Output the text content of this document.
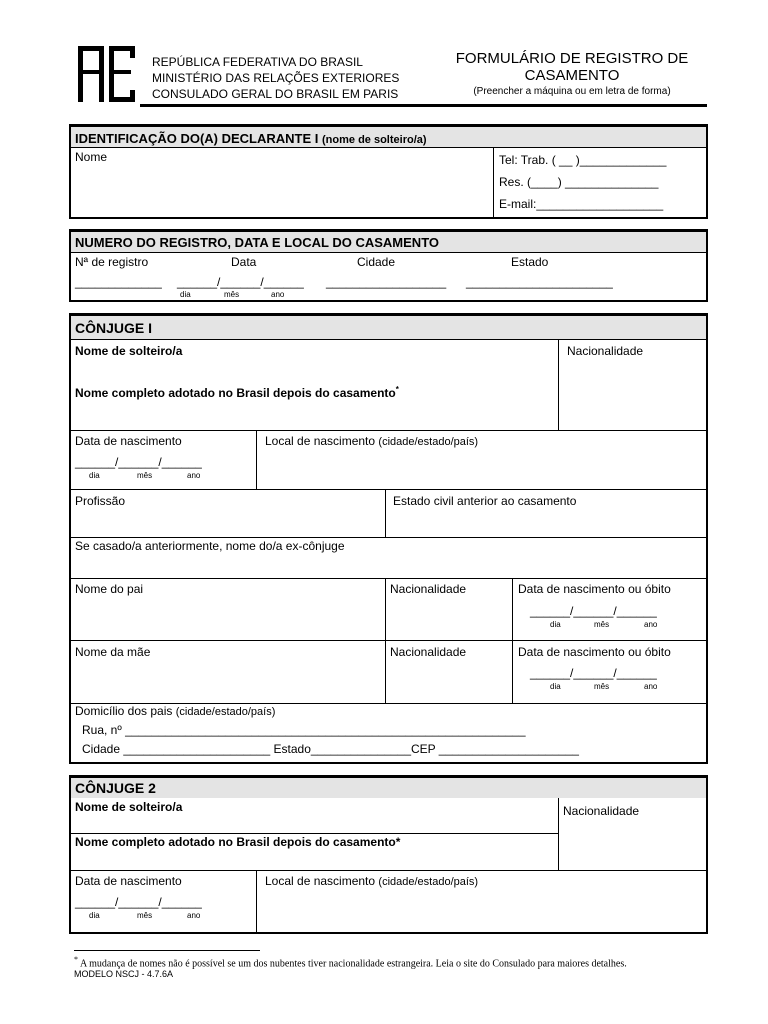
REPÚBLICA FEDERATIVA DO BRASIL
MINISTÉRIO DAS RELAÇÕES EXTERIORES
CONSULADO GERAL DO BRASIL EM PARIS
FORMULÁRIO DE REGISTRO DE
CASAMENTO
(Preencher a máquina ou em letra de forma)
IDENTIFICAÇÃO DO(A) DECLARANTE I (nome de solteiro/a)
Nome	Tel: Trab. ( __ )_____________
Res. (____) ______________
E-mail:___________________
NUMERO DO REGISTRO, DATA E LOCAL DO CASAMENTO
Nª de registro	Data	Cidade	Estado
_____________ ______/______/______ __________________ ______________________
dia	mês	ano
CÔNJUGE I
Nome de solteiro/a	Nacionalidade
Nome completo adotado no Brasil depois do casamento*
Data de nascimento
______/______/______
dia	mês	ano
Local de nascimento (cidade/estado/país)
Profissão	Estado civil anterior ao casamento
Se casado/a anteriormente, nome do/a ex-cônjuge
Nome do pai	Nacionalidade	Data de nascimento ou óbito
______/______/______
dia	mês	ano
Nome da mãe	Nacionalidade	Data de nascimento ou óbito
______/______/______
dia	mês	ano
Domicílio dos pais (cidade/estado/país)
Rua, nº ____________________________________________________________
Cidade ______________________ Estado_______________CEP _____________________
CÔNJUGE 2
Nome de solteiro/a	Nacionalidade
Nome completo adotado no Brasil depois do casamento*
Data de nascimento
______/______/______
dia	mês	ano
Local de nascimento (cidade/estado/país)
* A mudança de nomes não é possível se um dos nubentes tiver nacionalidade estrangeira. Leia o site do Consulado para maiores detalhes.
MODELO NSCJ - 4.7.6A
